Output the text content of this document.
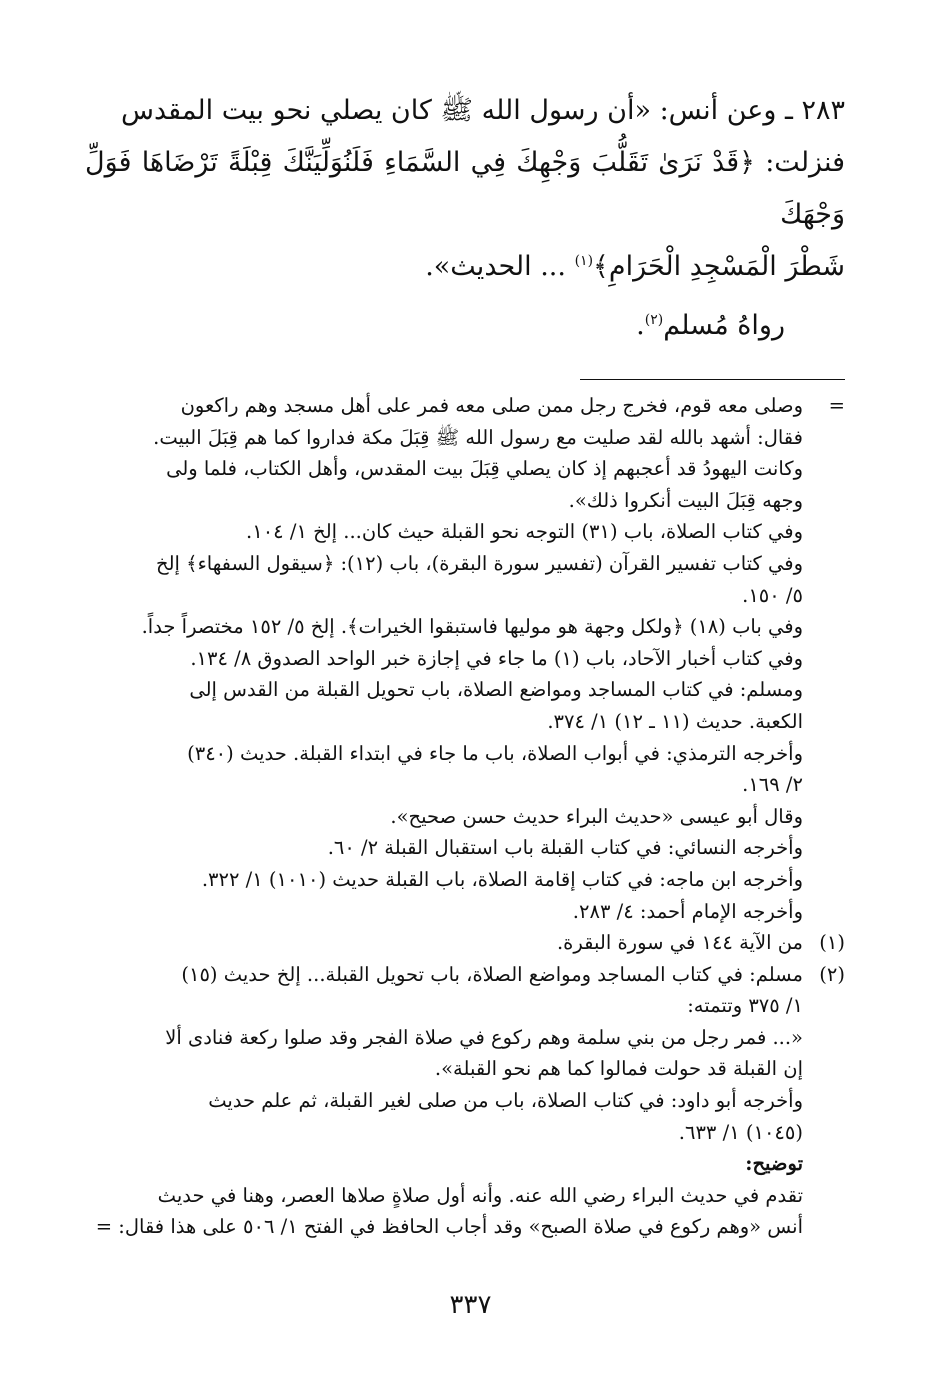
٢٨٣ ـ وعن أنس: «أن رسول الله ﷺ كان يصلي نحو بيت المقدس
فنزلت: ﴿قَدْ نَرَىٰ تَقَلُّبَ وَجْهِكَ فِي السَّمَاءِ فَلَنُوَلِّيَنَّكَ قِبْلَةً تَرْضَاهَا فَوَلِّ وَجْهَكَ
شَطْرَ الْمَسْجِدِ الْحَرَامِ﴾$^{(١)}$ ... الحديث».

رواهُ مُسلم$^{(٢)}$.
=
وصلى معه قوم، فخرج رجل ممن صلى معه فمر على أهل مسجد وهم راكعون
فقال: أشهد بالله لقد صليت مع رسول الله ﷺ قِبَلَ مكة فداروا كما هم قِبَلَ البيت.
وكانت اليهودُ قد أعجبهم إذ كان يصلي قِبَلَ بيت المقدس، وأهل الكتاب، فلما ولى
وجهه قِبَلَ البيت أنكروا ذلك».
وفي كتاب الصلاة، باب (٣١) التوجه نحو القبلة حيث كان... إلخ ١/ ١٠٤.
وفي كتاب تفسير القرآن (تفسير سورة البقرة)، باب (١٢): ﴿سيقول السفهاء﴾ إلخ
٥/ ١٥٠.
وفي باب (١٨) ﴿ولكل وجهة هو موليها فاستبقوا الخيرات﴾. إلخ ٥/ ١٥٢ مختصراً جداً.
وفي كتاب أخبار الآحاد، باب (١) ما جاء في إجازة خبر الواحد الصدوق ٨/ ١٣٤.
ومسلم: في كتاب المساجد ومواضع الصلاة، باب تحويل القبلة من القدس إلى
الكعبة. حديث (١١ ـ ١٢) ١/ ٣٧٤.
وأخرجه الترمذي: في أبواب الصلاة، باب ما جاء في ابتداء القبلة. حديث (٣٤٠)
٢/ ١٦٩.
وقال أبو عيسى «حديث البراء حديث حسن صحيح».
وأخرجه النسائي: في كتاب القبلة باب استقبال القبلة ٢/ ٦٠.
وأخرجه ابن ماجه: في كتاب إقامة الصلاة، باب القبلة حديث (١٠١٠) ١/ ٣٢٢.
وأخرجه الإمام أحمد: ٤/ ٢٨٣.
(١)
من الآية ١٤٤ في سورة البقرة.
(٢)
مسلم: في كتاب المساجد ومواضع الصلاة، باب تحويل القبلة... إلخ حديث (١٥)
١/ ٣٧٥ وتتمته:
«... فمر رجل من بني سلمة وهم ركوع في صلاة الفجر وقد صلوا ركعة فنادى ألا
إن القبلة قد حولت فمالوا كما هم نحو القبلة».
وأخرجه أبو داود: في كتاب الصلاة، باب من صلى لغير القبلة، ثم علم حديث
(١٠٤٥) ١/ ٦٣٣.
توضيح:
تقدم في حديث البراء رضي الله عنه. وأنه أول صلاةٍ صلاها العصر، وهنا في حديث
أنس «وهم ركوع في صلاة الصبح» وقد أجاب الحافظ في الفتح ١/ ٥٠٦ على هذا فقال: =
٣٣٧
